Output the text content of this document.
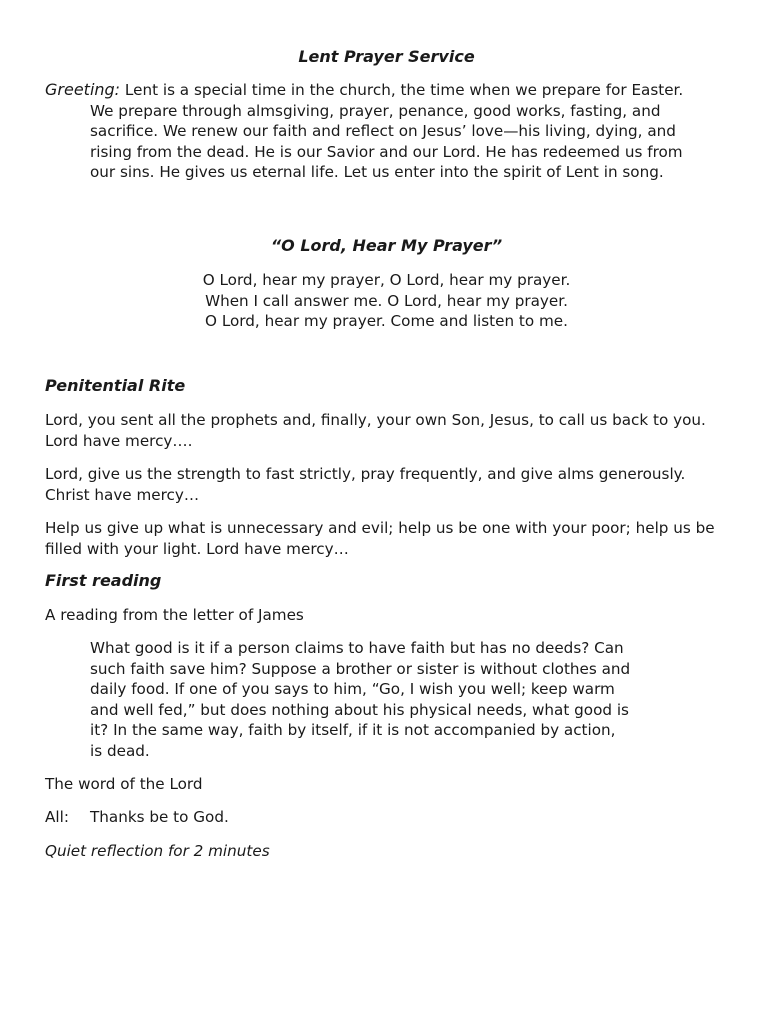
Lent Prayer Service

Greeting: Lent is a special time in the church, the time when we prepare for Easter. We prepare through almsgiving, prayer, penance, good works, fasting, and sacrifice. We renew our faith and reflect on Jesus’ love—his living, dying, and rising from the dead. He is our Savior and our Lord. He has redeemed us from our sins. He gives us eternal life. Let us enter into the spirit of Lent in song.

“O Lord, Hear My Prayer”
O Lord, hear my prayer, O Lord, hear my prayer.
When I call answer me. O Lord, hear my prayer.
O Lord, hear my prayer. Come and listen to me.
Penitential Rite

Lord, you sent all the prophets and, finally, your own Son, Jesus, to call us back to you. Lord have mercy….

Lord, give us the strength to fast strictly, pray frequently, and give alms generously. Christ have mercy…

Help us give up what is unnecessary and evil; help us be one with your poor; help us be filled with your light. Lord have mercy…

First reading

A reading from the letter of James

What good is it if a person claims to have faith but has no deeds? Can
such faith save him? Suppose a brother or sister is without clothes and
daily food. If one of you says to him, “Go, I wish you well; keep warm
and well fed,” but does nothing about his physical needs, what good is
it? In the same way, faith by itself, if it is not accompanied by action,
is dead.

The word of the Lord

All: Thanks be to God.

Quiet reflection for 2 minutes
